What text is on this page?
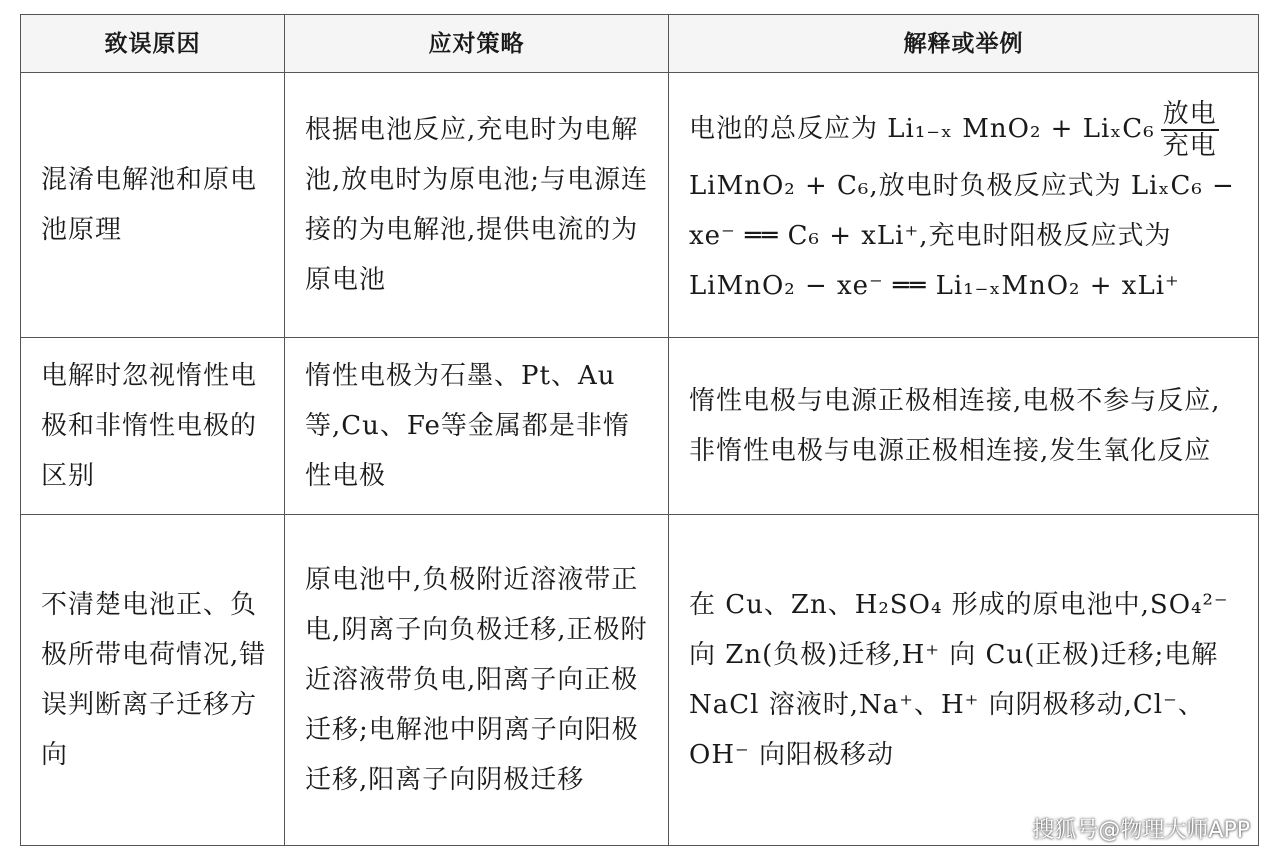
致误原因	应对策略	解释或举例
混淆电解池和原电池原理	根据电池反应,充电时为电解池,放电时为原电池;与电源连接的为电解池,提供电流的为原电池	电池的总反应为 Li₁₋ₓ $MnO_2 + Li_xC_6 \frac{\text{放电}}{\text{充电}}$
LiMnO₂ + C₆,放电时负极反应式为 LiₓC₆ − xe⁻ ══ C₆ + xLi⁺,充电时阳极反应式为 LiMnO₂ − xe⁻ ══ Li₁₋ₓMnO₂ + xLi⁺
电解时忽视惰性电极和非惰性电极的区别	惰性电极为石墨、Pt、Au等,Cu、Fe等金属都是非惰性电极	惰性电极与电源正极相连接,电极不参与反应,非惰性电极与电源正极相连接,发生氧化反应
不清楚电池正、负极所带电荷情况,错误判断离子迁移方向	原电池中,负极附近溶液带正电,阴离子向负极迁移,正极附近溶液带负电,阳离子向正极迁移;电解池中阴离子向阳极迁移,阳离子向阴极迁移	在 Cu、Zn、H₂SO₄ 形成的原电池中,SO₄²⁻ 向 Zn(负极)迁移,H⁺ 向 Cu(正极)迁移;电解 NaCl 溶液时,Na⁺、H⁺ 向阴极移动,Cl⁻、OH⁻ 向阳极移动
搜狐号@物理大师APP
